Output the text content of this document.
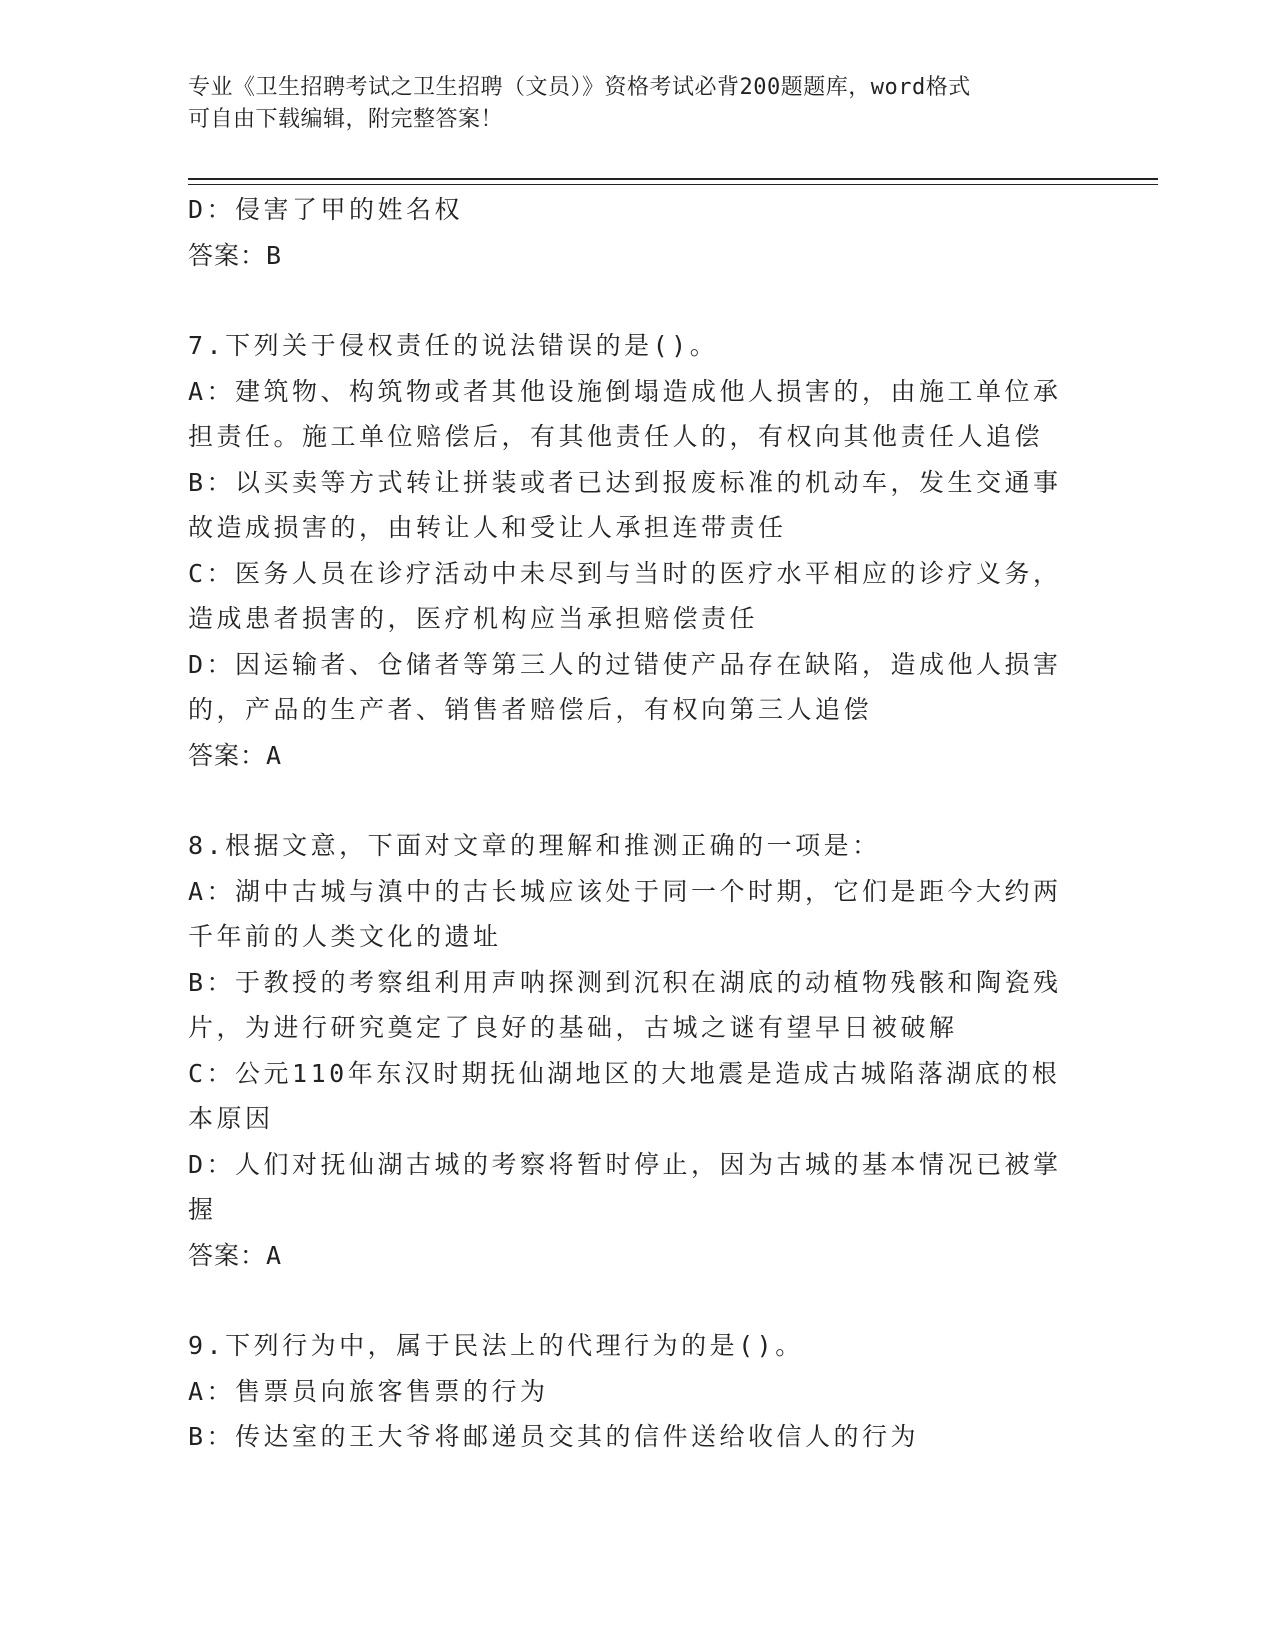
专业《卫生招聘考试之卫生招聘（文员）》资格考试必背200题题库，word格式
可自由下载编辑，附完整答案！

D：侵害了甲的姓名权

答案：B

7.下列关于侵权责任的说法错误的是()。

A：建筑物、构筑物或者其他设施倒塌造成他人损害的，由施工单位承

担责任。施工单位赔偿后，有其他责任人的，有权向其他责任人追偿

B：以买卖等方式转让拼装或者已达到报废标准的机动车，发生交通事

故造成损害的，由转让人和受让人承担连带责任

C：医务人员在诊疗活动中未尽到与当时的医疗水平相应的诊疗义务，

造成患者损害的，医疗机构应当承担赔偿责任

D：因运输者、仓储者等第三人的过错使产品存在缺陷，造成他人损害

的，产品的生产者、销售者赔偿后，有权向第三人追偿

答案：A

8.根据文意，下面对文章的理解和推测正确的一项是：

A：湖中古城与滇中的古长城应该处于同一个时期，它们是距今大约两

千年前的人类文化的遗址

B：于教授的考察组利用声呐探测到沉积在湖底的动植物残骸和陶瓷残

片，为进行研究奠定了良好的基础，古城之谜有望早日被破解

C：公元110年东汉时期抚仙湖地区的大地震是造成古城陷落湖底的根

本原因

D：人们对抚仙湖古城的考察将暂时停止，因为古城的基本情况已被掌

握

答案：A

9.下列行为中，属于民法上的代理行为的是()。

A：售票员向旅客售票的行为

B：传达室的王大爷将邮递员交其的信件送给收信人的行为
